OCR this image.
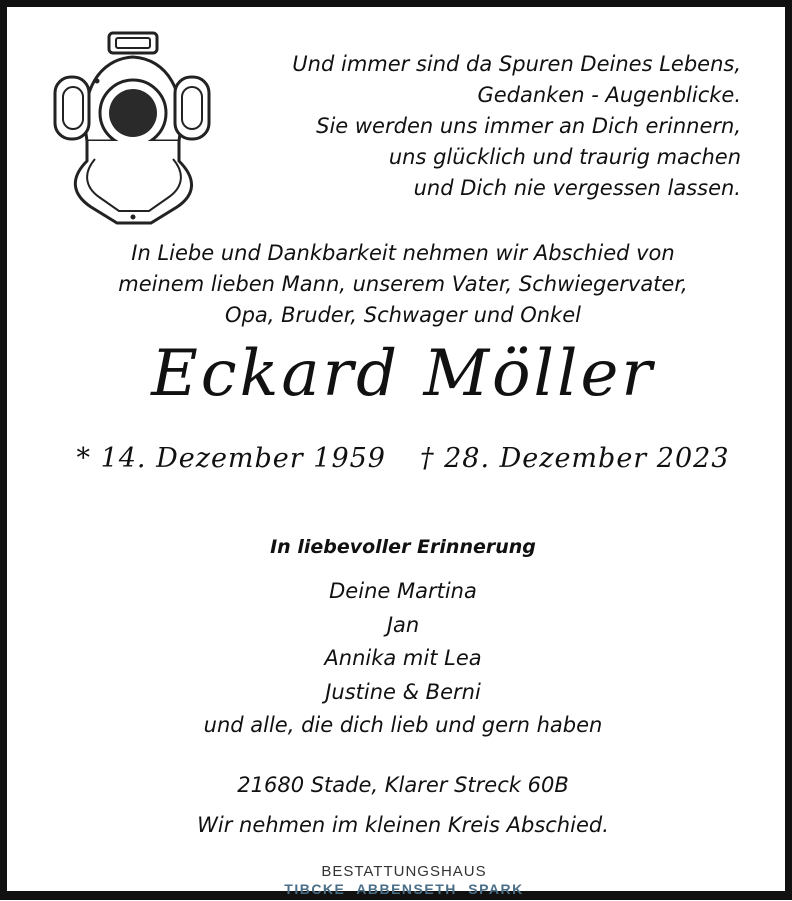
Und immer sind da Spuren Deines Lebens,
Gedanken - Augenblicke.
Sie werden uns immer an Dich erinnern,
uns glücklich und traurig machen
und Dich nie vergessen lassen.
In Liebe und Dankbarkeit nehmen wir Abschied von
meinem lieben Mann, unserem Vater, Schwiegervater,
Opa, Bruder, Schwager und Onkel
Eckard Möller
* 14. Dezember 1959 † 28. Dezember 2023
In liebevoller Erinnerung
Deine Martina
Jan
Annika mit Lea
Justine & Berni
und alle, die dich lieb und gern haben
21680 Stade, Klarer Streck 60B
Wir nehmen im kleinen Kreis Abschied.
BESTATTUNGSHAUS
TIBCKE ABBENSETH SPARK
